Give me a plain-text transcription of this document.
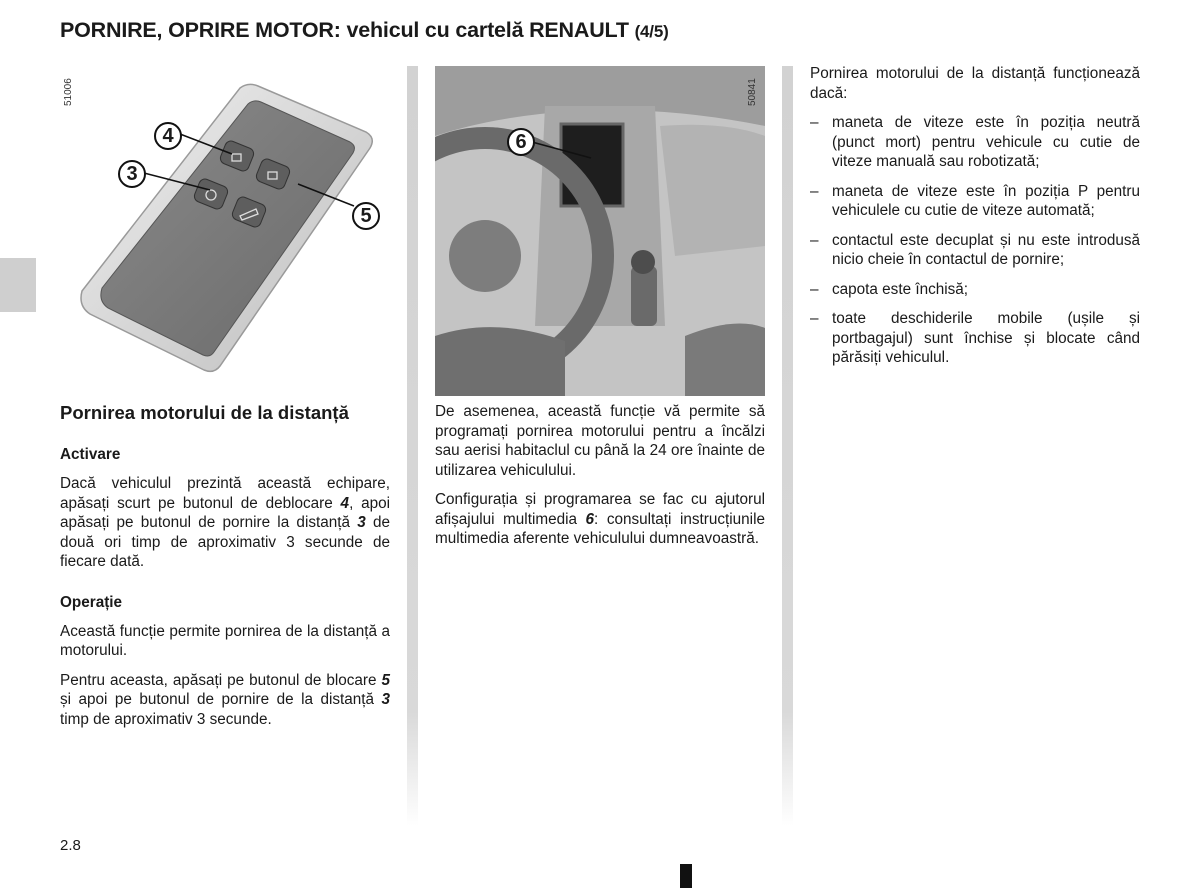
PORNIRE, OPRIRE MOTOR: vehicul cu cartelă RENAULT (4/5)
51006
4
3
5
50841
6

Pornirea motorului de la distanță

Activare

Dacă vehiculul prezintă această echipare, apăsați scurt pe butonul de deblocare 4, apoi apăsați pe butonul de pornire la distanță 3 de două ori timp de aproximativ 3 secunde de fiecare dată.

Operație

Această funcție permite pornirea de la distanță a motorului.

Pentru aceasta, apăsați pe butonul de blocare 5 și apoi pe butonul de pornire de la distanță 3 timp de aproximativ 3 secunde.

De asemenea, această funcție vă permite să programați pornirea motorului pentru a încălzi sau aerisi habitaclul cu până la 24 ore înainte de utilizarea vehiculului.

Configurația și programarea se fac cu ajutorul afișajului multimedia 6: consultați instrucțiunile multimedia aferente vehiculului dumneavoastră.

Pornirea motorului de la distanță funcționează dacă:

– maneta de viteze este în poziția neutră (punct mort) pentru vehicule cu cutie de viteze manuală sau robotizată;
– maneta de viteze este în poziția P pentru vehiculele cu cutie de viteze automată;
– contactul este decuplat și nu este introdusă nicio cheie în contactul de pornire;
– capota este închisă;
– toate deschiderile mobile (ușile și portbagajul) sunt închise și blocate când părăsiți vehiculul.
2.8
